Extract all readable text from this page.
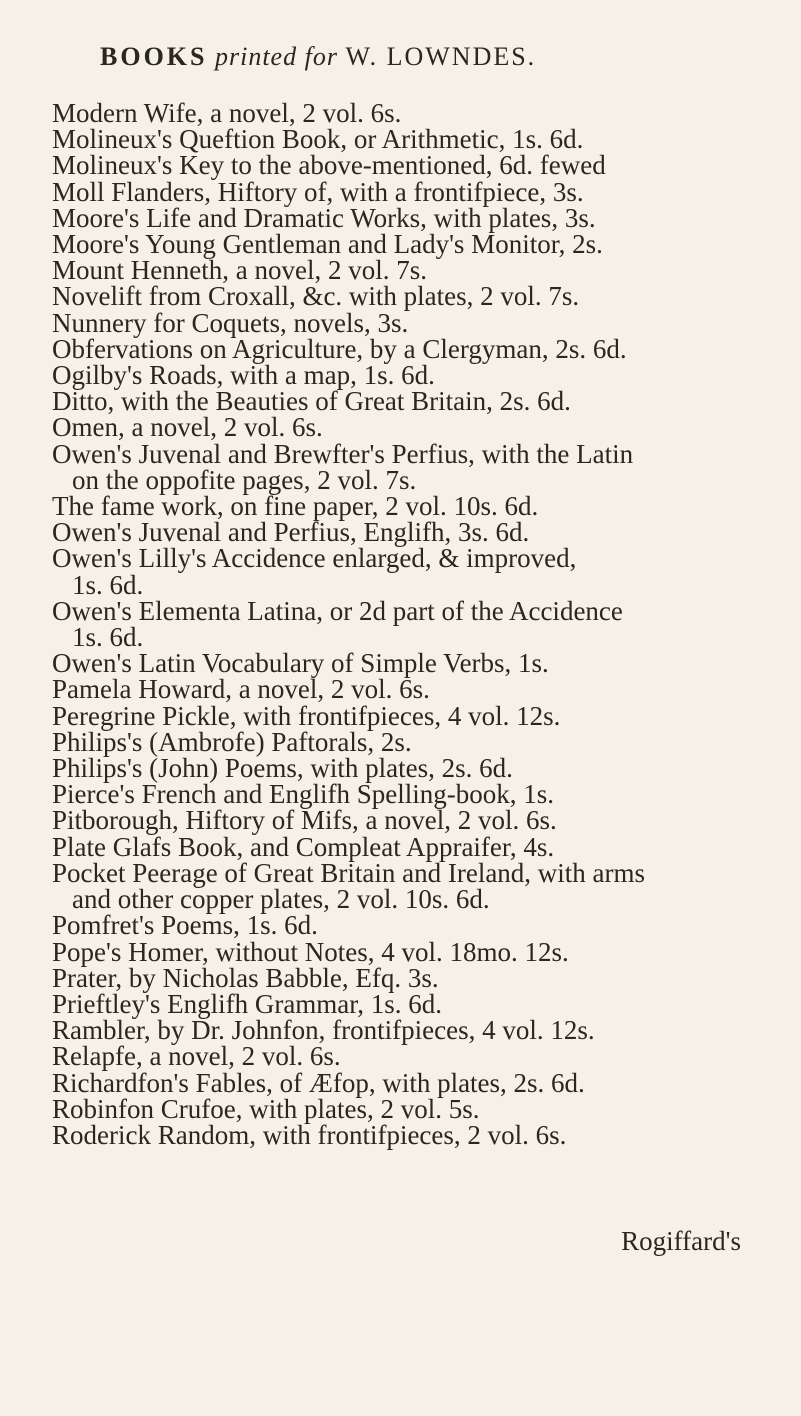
BOOKS printed for W. LOWNDES.
Modern Wife, a novel, 2 vol. 6s.
Molineux's Queftion Book, or Arithmetic, 1s. 6d.
Molineux's Key to the above-mentioned, 6d. fewed
Moll Flanders, Hiftory of, with a frontifpiece, 3s.
Moore's Life and Dramatic Works, with plates, 3s.
Moore's Young Gentleman and Lady's Monitor, 2s.
Mount Henneth, a novel, 2 vol. 7s.
Novelift from Croxall, &c. with plates, 2 vol. 7s.
Nunnery for Coquets, novels, 3s.
Obfervations on Agriculture, by a Clergyman, 2s. 6d.
Ogilby's Roads, with a map, 1s. 6d.
Ditto, with the Beauties of Great Britain, 2s. 6d.
Omen, a novel, 2 vol. 6s.
Owen's Juvenal and Brewfter's Perfius, with the Latin
on the oppofite pages, 2 vol. 7s.
The fame work, on fine paper, 2 vol. 10s. 6d.
Owen's Juvenal and Perfius, Englifh, 3s. 6d.
Owen's Lilly's Accidence enlarged, & improved,
1s. 6d.
Owen's Elementa Latina, or 2d part of the Accidence
1s. 6d.
Owen's Latin Vocabulary of Simple Verbs, 1s.
Pamela Howard, a novel, 2 vol. 6s.
Peregrine Pickle, with frontifpieces, 4 vol. 12s.
Philips's (Ambrofe) Paftorals, 2s.
Philips's (John) Poems, with plates, 2s. 6d.
Pierce's French and Englifh Spelling-book, 1s.
Pitborough, Hiftory of Mifs, a novel, 2 vol. 6s.
Plate Glafs Book, and Compleat Appraifer, 4s.
Pocket Peerage of Great Britain and Ireland, with arms
and other copper plates, 2 vol. 10s. 6d.
Pomfret's Poems, 1s. 6d.
Pope's Homer, without Notes, 4 vol. 18mo. 12s.
Prater, by Nicholas Babble, Efq. 3s.
Prieftley's Englifh Grammar, 1s. 6d.
Rambler, by Dr. Johnfon, frontifpieces, 4 vol. 12s.
Relapfe, a novel, 2 vol. 6s.
Richardfon's Fables, of Æfop, with plates, 2s. 6d.
Robinfon Crufoe, with plates, 2 vol. 5s.
Roderick Random, with frontifpieces, 2 vol. 6s.
Rogiffard's
